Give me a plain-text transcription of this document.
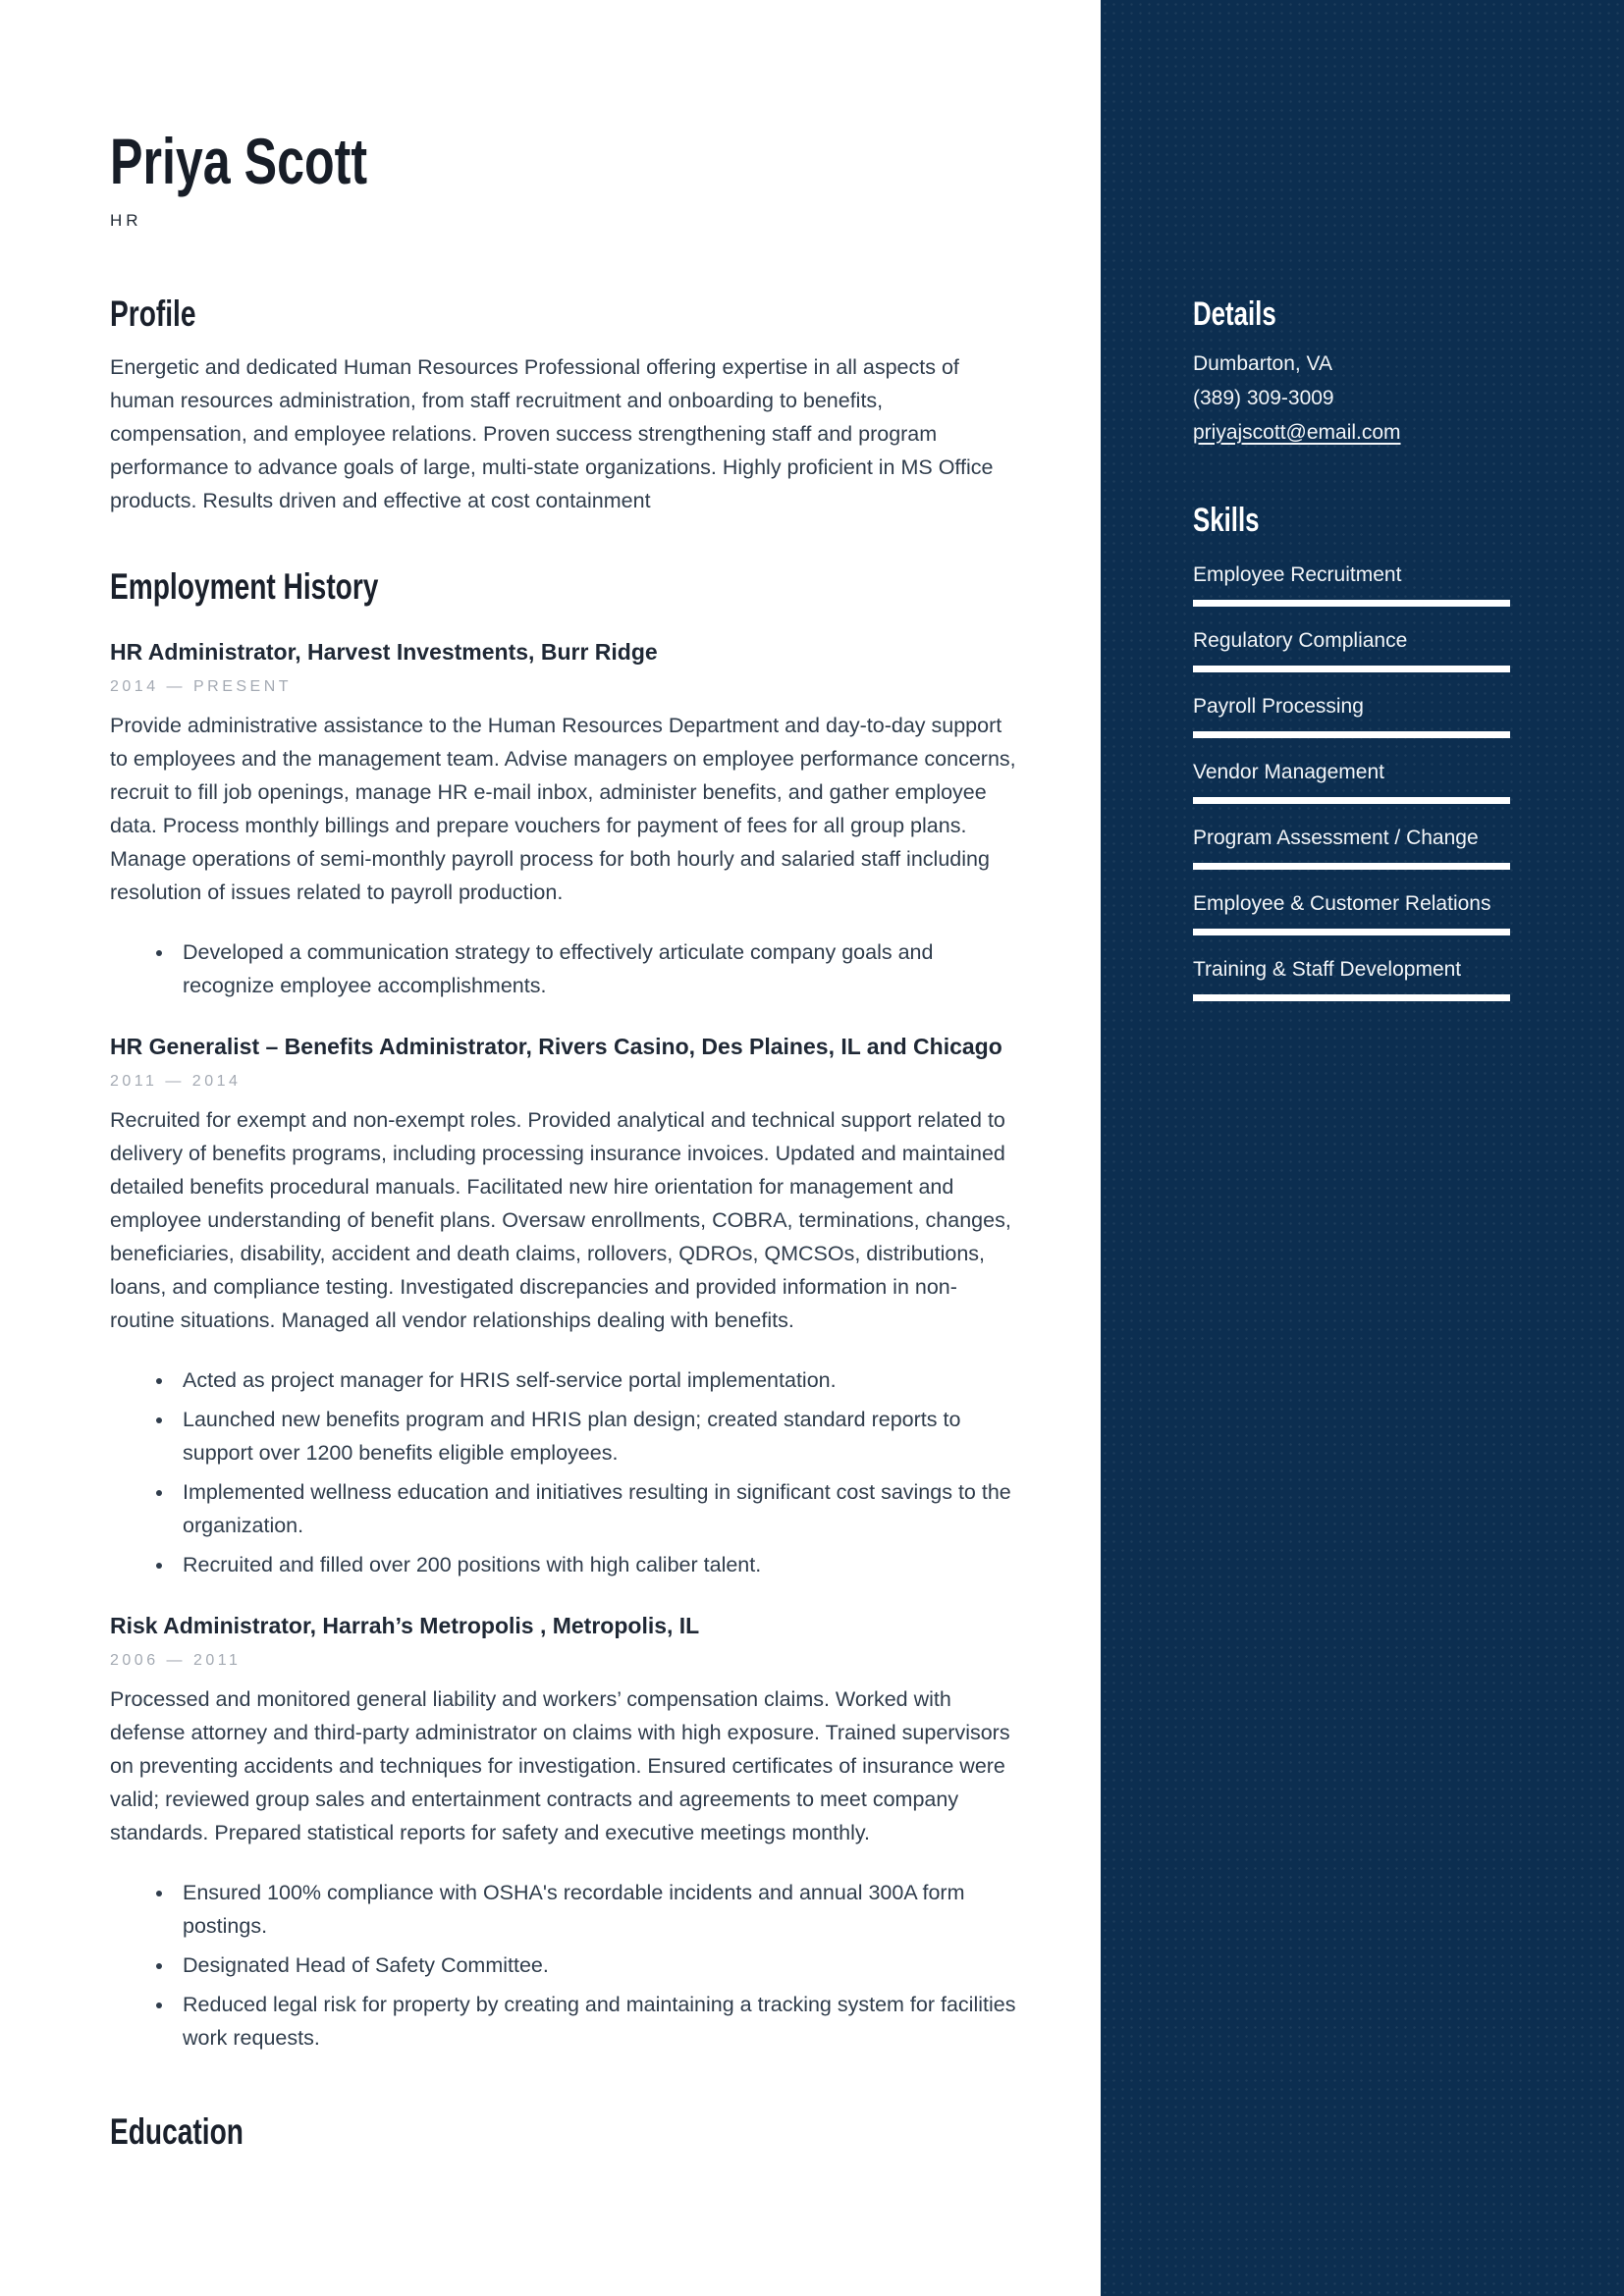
Priya Scott
HR
Profile

Energetic and dedicated Human Resources Professional offering expertise in all aspects of human resources administration, from staff recruitment and onboarding to benefits, compensation, and employee relations. Proven success strengthening staff and program performance to advance goals of large, multi-state organizations. Highly proficient in MS Office products. Results driven and effective at cost containment

Employment History
HR Administrator, Harvest Investments, Burr Ridge
2014 — PRESENT

Provide administrative assistance to the Human Resources Department and day-to-day support to employees and the management team. Advise managers on employee performance concerns, recruit to fill job openings, manage HR e-mail inbox, administer benefits, and gather employee data. Process monthly billings and prepare vouchers for payment of fees for all group plans. Manage operations of semi-monthly payroll process for both hourly and salaried staff including resolution of issues related to payroll production.

• Developed a communication strategy to effectively articulate company goals and recognize employee accomplishments.
HR Generalist – Benefits Administrator, Rivers Casino, Des Plaines, IL and Chicago
2011 — 2014

Recruited for exempt and non-exempt roles. Provided analytical and technical support related to delivery of benefits programs, including processing insurance invoices. Updated and maintained detailed benefits procedural manuals. Facilitated new hire orientation for management and employee understanding of benefit plans. Oversaw enrollments, COBRA, terminations, changes, beneficiaries, disability, accident and death claims, rollovers, QDROs, QMCSOs, distributions, loans, and compliance testing. Investigated discrepancies and provided information in non-routine situations. Managed all vendor relationships dealing with benefits.

• Acted as project manager for HRIS self-service portal implementation.
• Launched new benefits program and HRIS plan design; created standard reports to support over 1200 benefits eligible employees.
• Implemented wellness education and initiatives resulting in significant cost savings to the organization.
• Recruited and filled over 200 positions with high caliber talent.
Risk Administrator, Harrah’s Metropolis , Metropolis, IL
2006 — 2011

Processed and monitored general liability and workers’ compensation claims. Worked with defense attorney and third-party administrator on claims with high exposure. Trained supervisors on preventing accidents and techniques for investigation. Ensured certificates of insurance were valid; reviewed group sales and entertainment contracts and agreements to meet company standards. Prepared statistical reports for safety and executive meetings monthly.

• Ensured 100% compliance with OSHA's recordable incidents and annual 300A form postings.
• Designated Head of Safety Committee.
• Reduced legal risk for property by creating and maintaining a tracking system for facilities work requests.
Education
Details
Dumbarton, VA
(389) 309-3009
priyajscott@email.com
Skills
Employee Recruitment
Regulatory Compliance
Payroll Processing
Vendor Management
Program Assessment / Change
Employee & Customer Relations
Training & Staff Development
